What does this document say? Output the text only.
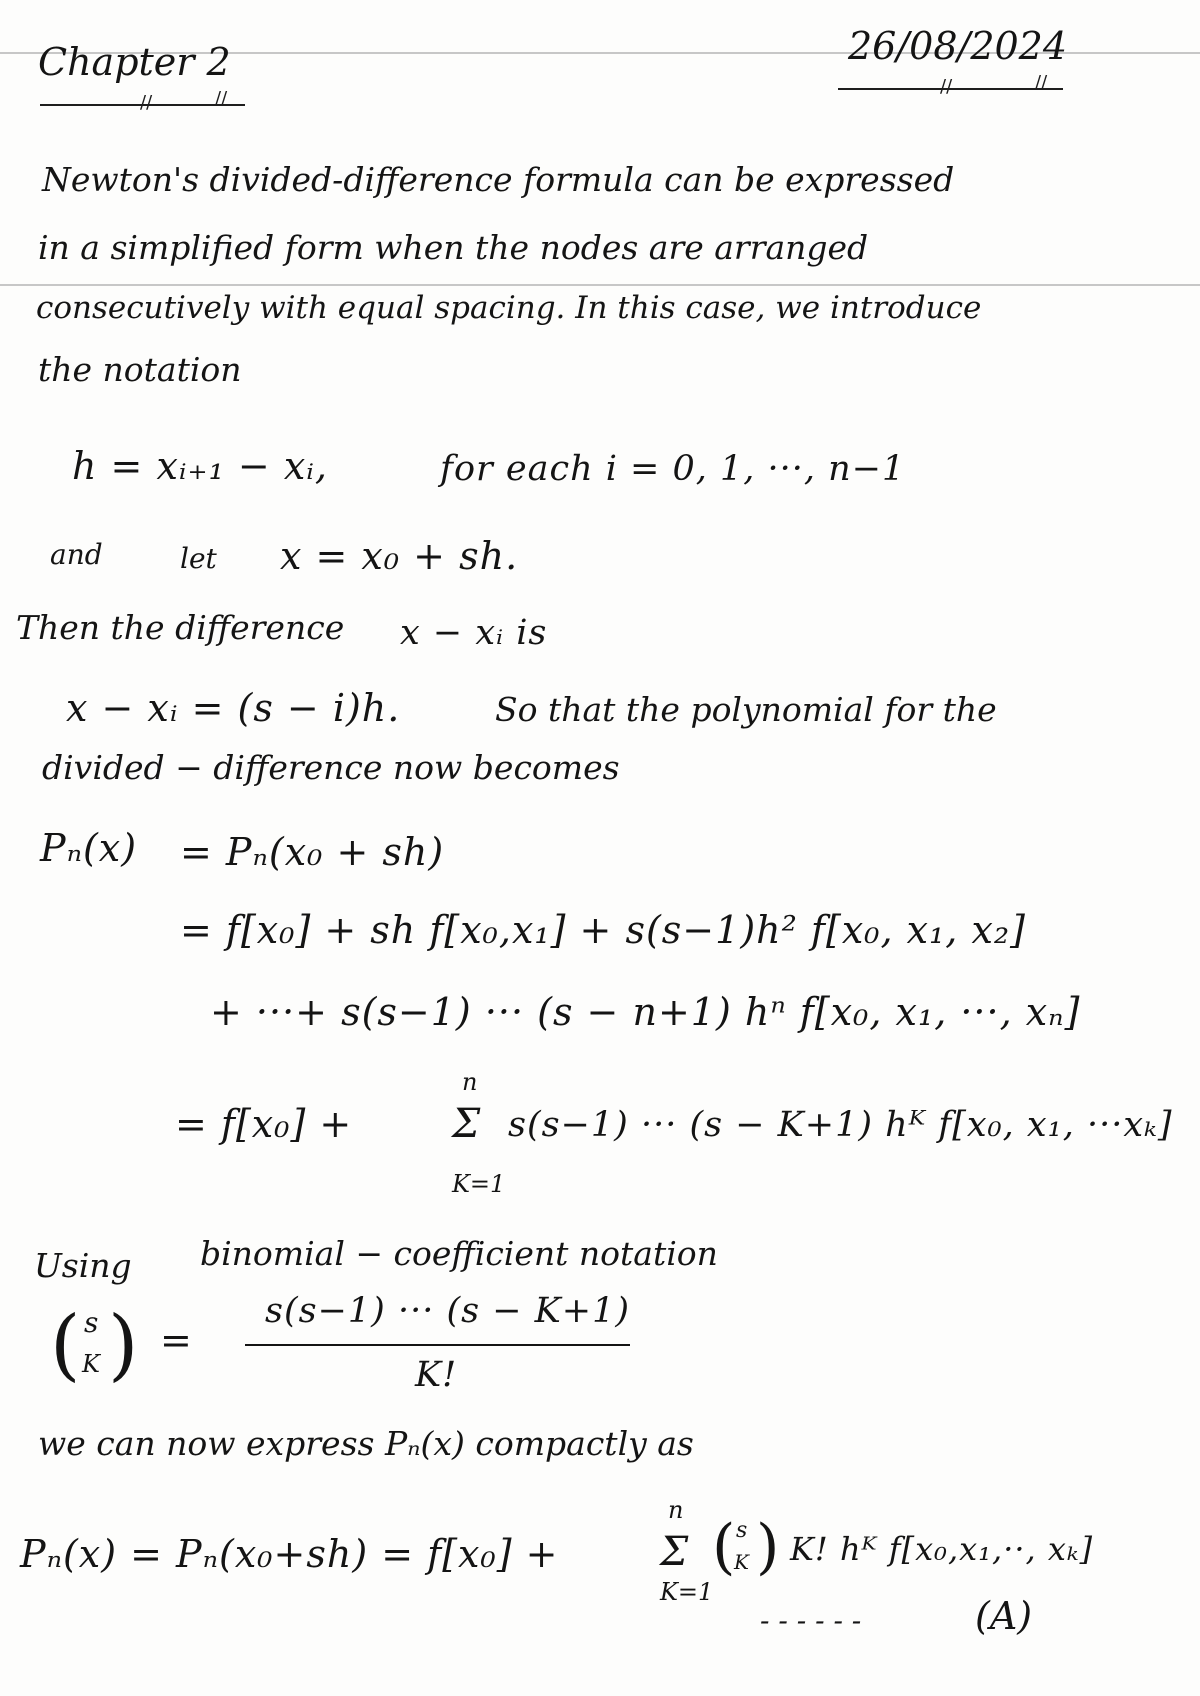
Chapter 2

//	//

26/08/2024

//	//

Newton's divided-difference formula can be expressed

in a simplified form when the nodes are arranged

consecutively with equal spacing. In this case, we introduce

the notation

h = xᵢ₊₁ − xᵢ,	for each i = 0, 1, ···, n−1

and	let x = x₀ + sh.

Then the difference x − xᵢ is

x − xᵢ = (s − i)h.	So that the polynomial for the

divided − difference now becomes

Pₙ(x) = Pₙ(x₀ + sh)

= f[x₀] + sh f[x₀,x₁] + s(s−1)h² f[x₀, x₁, x₂]

+ ···+ s(s−1) ··· (s − n+1) hⁿ f[x₀, x₁, ···, xₙ]

= f[x₀] +

n

Σ

K=1

s(s−1) ··· (s − K+1) hᴷ f[x₀, x₁, ···xₖ]

Using binomial − coefficient notation

( s
K ) =

s(s−1) ··· (s − K+1)

K!

we can now express Pₙ(x) compactly as

Pₙ(x) = Pₙ(x₀+sh) = f[x₀] +

n

Σ

K=1

( s
K ) K! hᴷ f[x₀,x₁,··, xₖ]

- - - - - -	(A)
